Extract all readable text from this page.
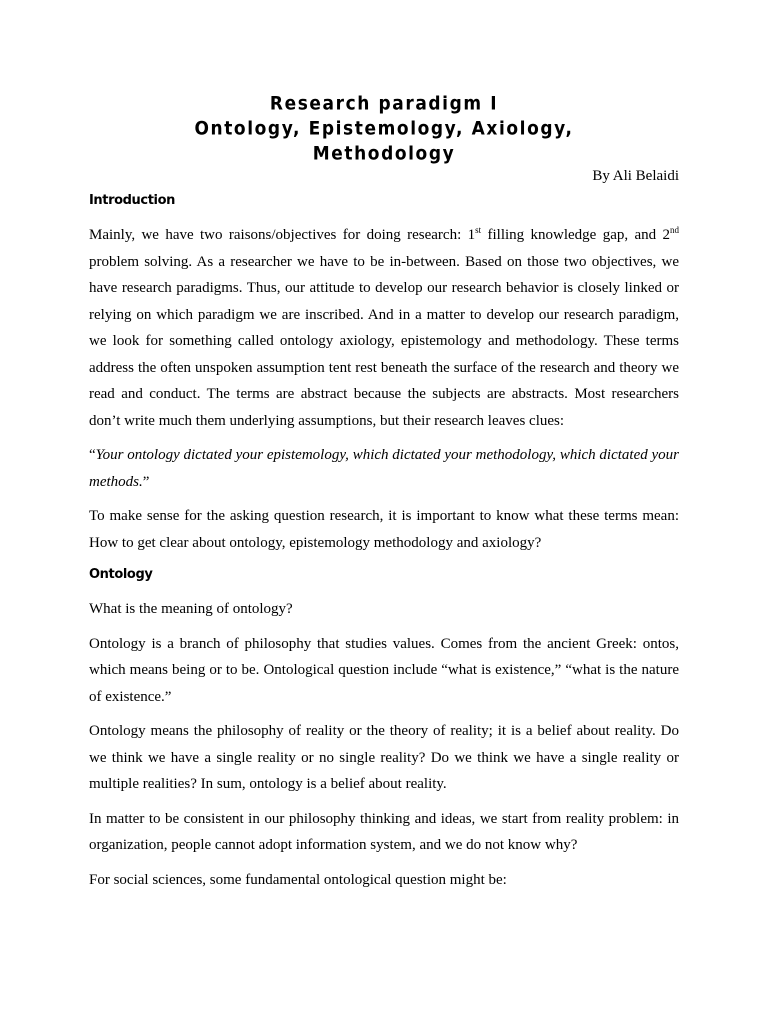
Research paradigm I
Ontology, Epistemology, Axiology,
Methodology
By Ali Belaidi
Introduction

Mainly, we have two raisons/objectives for doing research: 1st filling knowledge gap, and 2nd problem solving. As a researcher we have to be in-between. Based on those two objectives, we have research paradigms. Thus, our attitude to develop our research behavior is closely linked or relying on which paradigm we are inscribed. And in a matter to develop our research paradigm, we look for something called ontology axiology, epistemology and methodology. These terms address the often unspoken assumption tent rest beneath the surface of the research and theory we read and conduct. The terms are abstract because the subjects are abstracts. Most researchers don’t write much them underlying assumptions, but their research leaves clues:

“Your ontology dictated your epistemology, which dictated your methodology, which dictated your methods.”

To make sense for the asking question research, it is important to know what these terms mean: How to get clear about ontology, epistemology methodology and axiology?

Ontology

What is the meaning of ontology?

Ontology is a branch of philosophy that studies values. Comes from the ancient Greek: ontos, which means being or to be. Ontological question include “what is existence,” “what is the nature of existence.”

Ontology means the philosophy of reality or the theory of reality; it is a belief about reality. Do we think we have a single reality or no single reality? Do we think we have a single reality or multiple realities? In sum, ontology is a belief about reality.

In matter to be consistent in our philosophy thinking and ideas, we start from reality problem: in organization, people cannot adopt information system, and we do not know why?

For social sciences, some fundamental ontological question might be:
